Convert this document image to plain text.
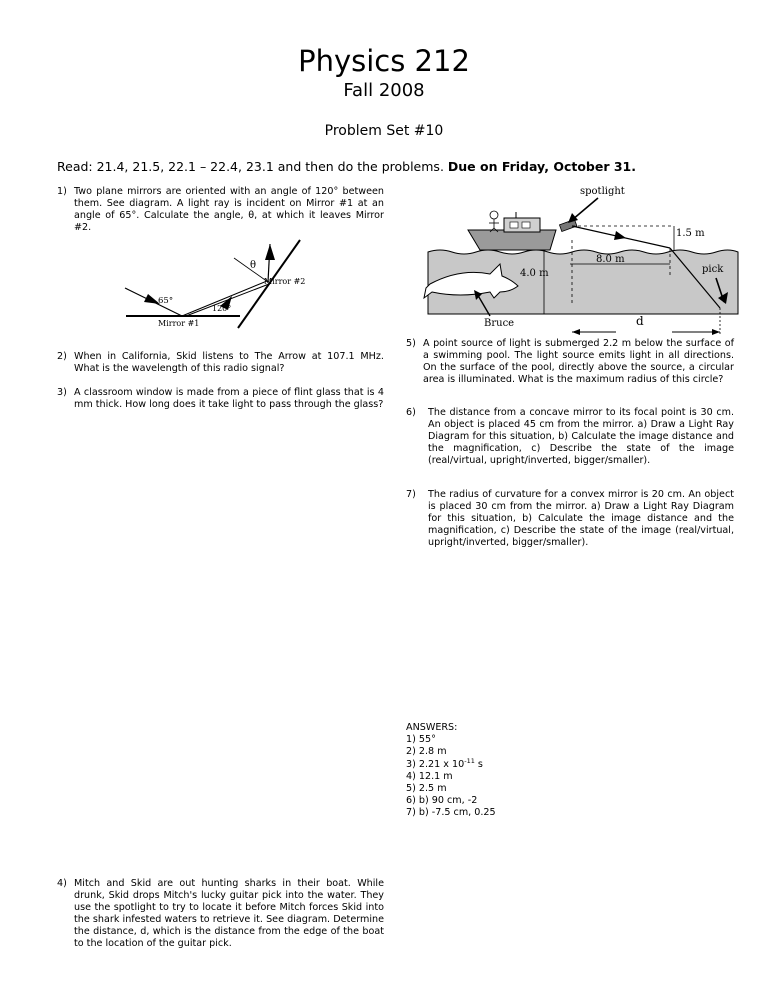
Physics 212
Fall 2008
Problem Set #10
Read: 21.4, 21.5, 22.1 – 22.4, 23.1 and then do the problems. Due on Friday, October 31.
1) Two plane mirrors are oriented with an angle of 120° between them. See diagram. A light ray is incident on Mirror #1 at an angle of 65°. Calculate the angle, θ, at which it leaves Mirror #2.
θ
65°
120°
Mirror #1
Mirror #2
2) When in California, Skid listens to The Arrow at 107.1 MHz. What is the wavelength of this radio signal?
3) A classroom window is made from a piece of flint glass that is 4 mm thick. How long does it take light to pass through the glass?
4) Mitch and Skid are out hunting sharks in their boat. While drunk, Skid drops Mitch's lucky guitar pick into the water. They use the spotlight to try to locate it before Mitch forces Skid into the shark infested waters to retrieve it. See diagram. Determine the distance, d, which is the distance from the edge of the boat to the location of the guitar pick.
spotlight
1.5 m
8.0 m
4.0 m	pick
Bruce	d
5) A point source of light is submerged 2.2 m below the surface of a swimming pool. The light source emits light in all directions. On the surface of the pool, directly above the source, a circular area is illuminated. What is the maximum radius of this circle?
6) The distance from a concave mirror to its focal point is 30 cm. An object is placed 45 cm from the mirror. a) Draw a Light Ray Diagram for this situation, b) Calculate the image distance and the magnification, c) Describe the state of the image (real/virtual, upright/inverted, bigger/smaller).
7) The radius of curvature for a convex mirror is 20 cm. An object is placed 30 cm from the mirror. a) Draw a Light Ray Diagram for this situation, b) Calculate the image distance and the magnification, c) Describe the state of the image (real/virtual, upright/inverted, bigger/smaller).
ANSWERS:
1) 55°
2) 2.8 m
3) 2.21 x $10^{-11}$ s
4) 12.1 m
5) 2.5 m
6) b) 90 cm, -2
7) b) -7.5 cm, 0.25
